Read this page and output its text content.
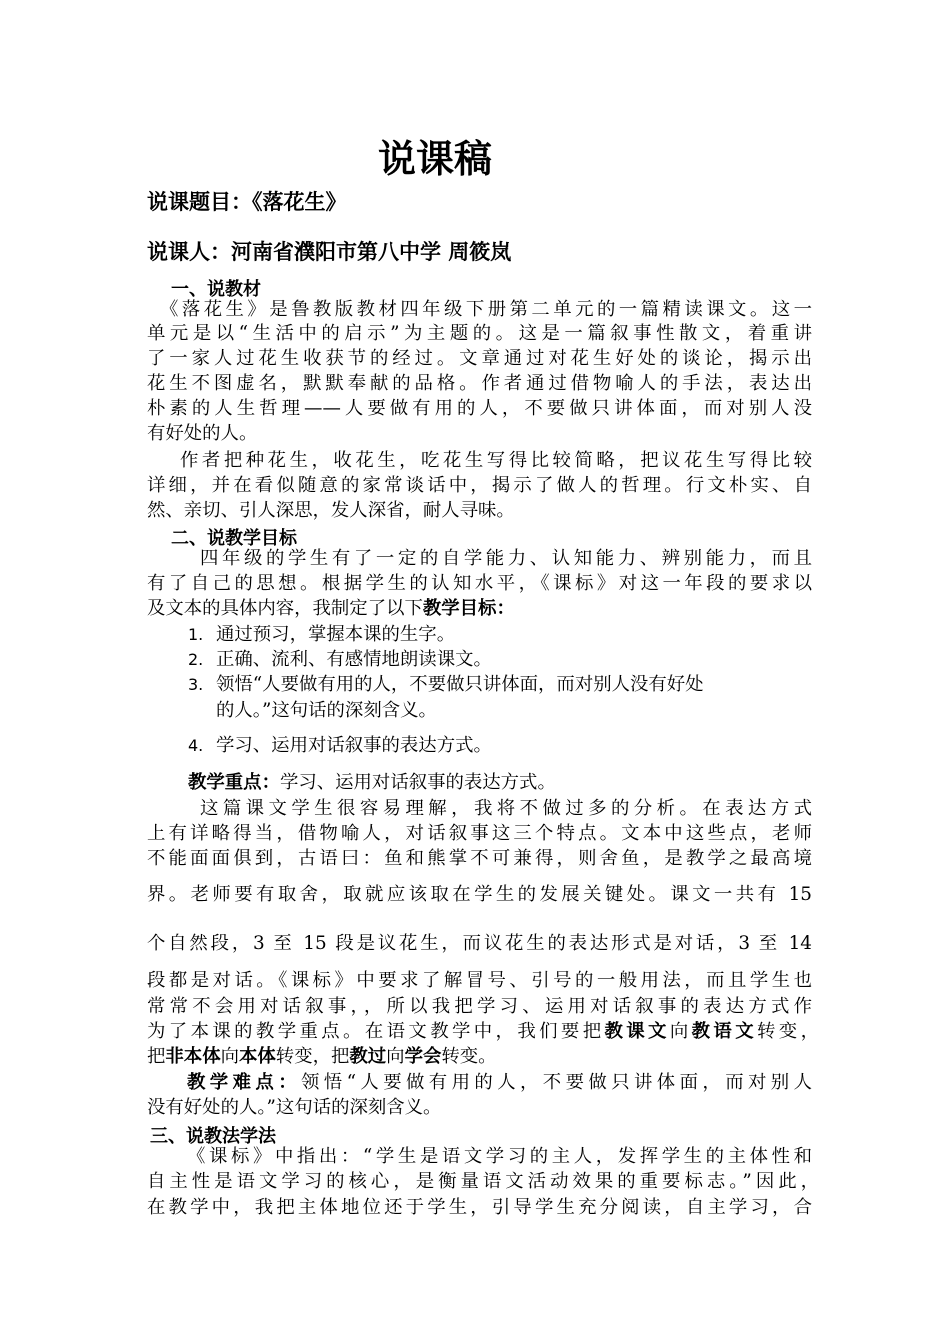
说课稿
说课题目：《落花生》
说课人：河南省濮阳市第八中学 周筱岚
一、说教材
《落花生》是鲁教版教材四年级下册第二单元的一篇精读课文。这一
单元是以“生活中的启示”为主题的。这是一篇叙事性散文，着重讲
了一家人过花生收获节的经过。文章通过对花生好处的谈论，揭示出
花生不图虚名，默默奉献的品格。作者通过借物喻人的手法，表达出
朴素的人生哲理——人要做有用的人，不要做只讲体面，而对别人没
有好处的人。
作者把种花生，收花生，吃花生写得比较简略，把议花生写得比较
详细，并在看似随意的家常谈话中，揭示了做人的哲理。行文朴实、自
然、亲切、引人深思，发人深省，耐人寻味。
二、说教学目标
四年级的学生有了一定的自学能力、认知能力、辨别能力，而且
有了自己的思想。根据学生的认知水平，《课标》对这一年段的要求以
及文本的具体内容，我制定了以下教学目标：
1. 通过预习，掌握本课的生字。
2. 正确、流利、有感情地朗读课文。
3. 领悟“人要做有用的人，不要做只讲体面，而对别人没有好处
的人。”这句话的深刻含义。
4. 学习、运用对话叙事的表达方式。
教学重点：学习、运用对话叙事的表达方式。
这篇课文学生很容易理解，我将不做过多的分析。在表达方式
上有详略得当，借物喻人，对话叙事这三个特点。文本中这些点，老师
不能面面俱到，古语曰：鱼和熊掌不可兼得，则舍鱼，是教学之最高境
界。老师要有取舍，取就应该取在学生的发展关键处。课文一共有 15
个自然段，3 至 15 段是议花生，而议花生的表达形式是对话，3 至 14
段都是对话。《课标》中要求了解冒号、引号的一般用法，而且学生也
常常不会用对话叙事，，所以我把学习、运用对话叙事的表达方式作
为了本课的教学重点。在语文教学中，我们要把教课文向教语文转变，
把非本体向本体转变，把教过向学会转变。
教学难点：领悟“人要做有用的人，不要做只讲体面，而对别人
没有好处的人。”这句话的深刻含义。
三、说教法学法
《课标》中指出：“学生是语文学习的主人，发挥学生的主体性和
自主性是语文学习的核心，是衡量语文活动效果的重要标志。”因此，
在教学中，我把主体地位还于学生，引导学生充分阅读，自主学习，合
